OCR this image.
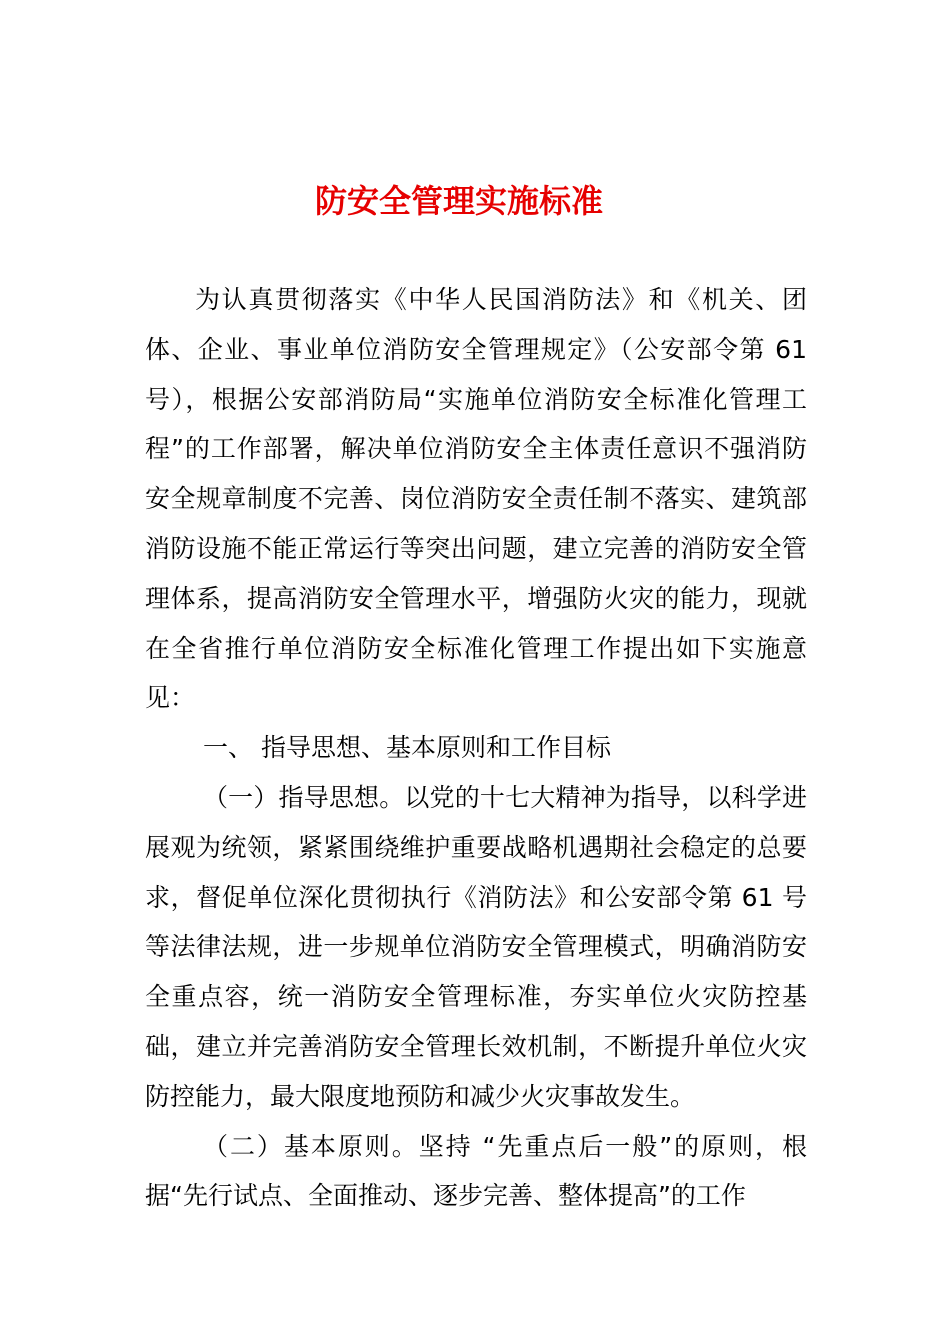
防安全管理实施标准

为认真贯彻落实《中华人民国消防法》和《机关、团体、企业、事业单位消防安全管理规定》（公安部令第 61 号），根据公安部消防局“实施单位消防安全标准化管理工程”的工作部署，解决单位消防安全主体责任意识不强消防安全规章制度不完善、岗位消防安全责任制不落实、建筑部消防设施不能正常运行等突出问题，建立完善的消防安全管理体系，提高消防安全管理水平，增强防火灾的能力，现就在全省推行单位消防安全标准化管理工作提出如下实施意见：

一、 指导思想、基本原则和工作目标

（一）指导思想。以党的十七大精神为指导，以科学进展观为统领，紧紧围绕维护重要战略机遇期社会稳定的总要求，督促单位深化贯彻执行《消防法》和公安部令第 61 号等法律法规，进一步规单位消防安全管理模式，明确消防安全重点容，统一消防安全管理标准，夯实单位火灾防控基础，建立并完善消防安全管理长效机制，不断提升单位火灾防控能力，最大限度地预防和减少火灾事故发生。

（二）基本原则。坚持 “先重点后一般”的原则，根据“先行试点、全面推动、逐步完善、整体提高”的工作
